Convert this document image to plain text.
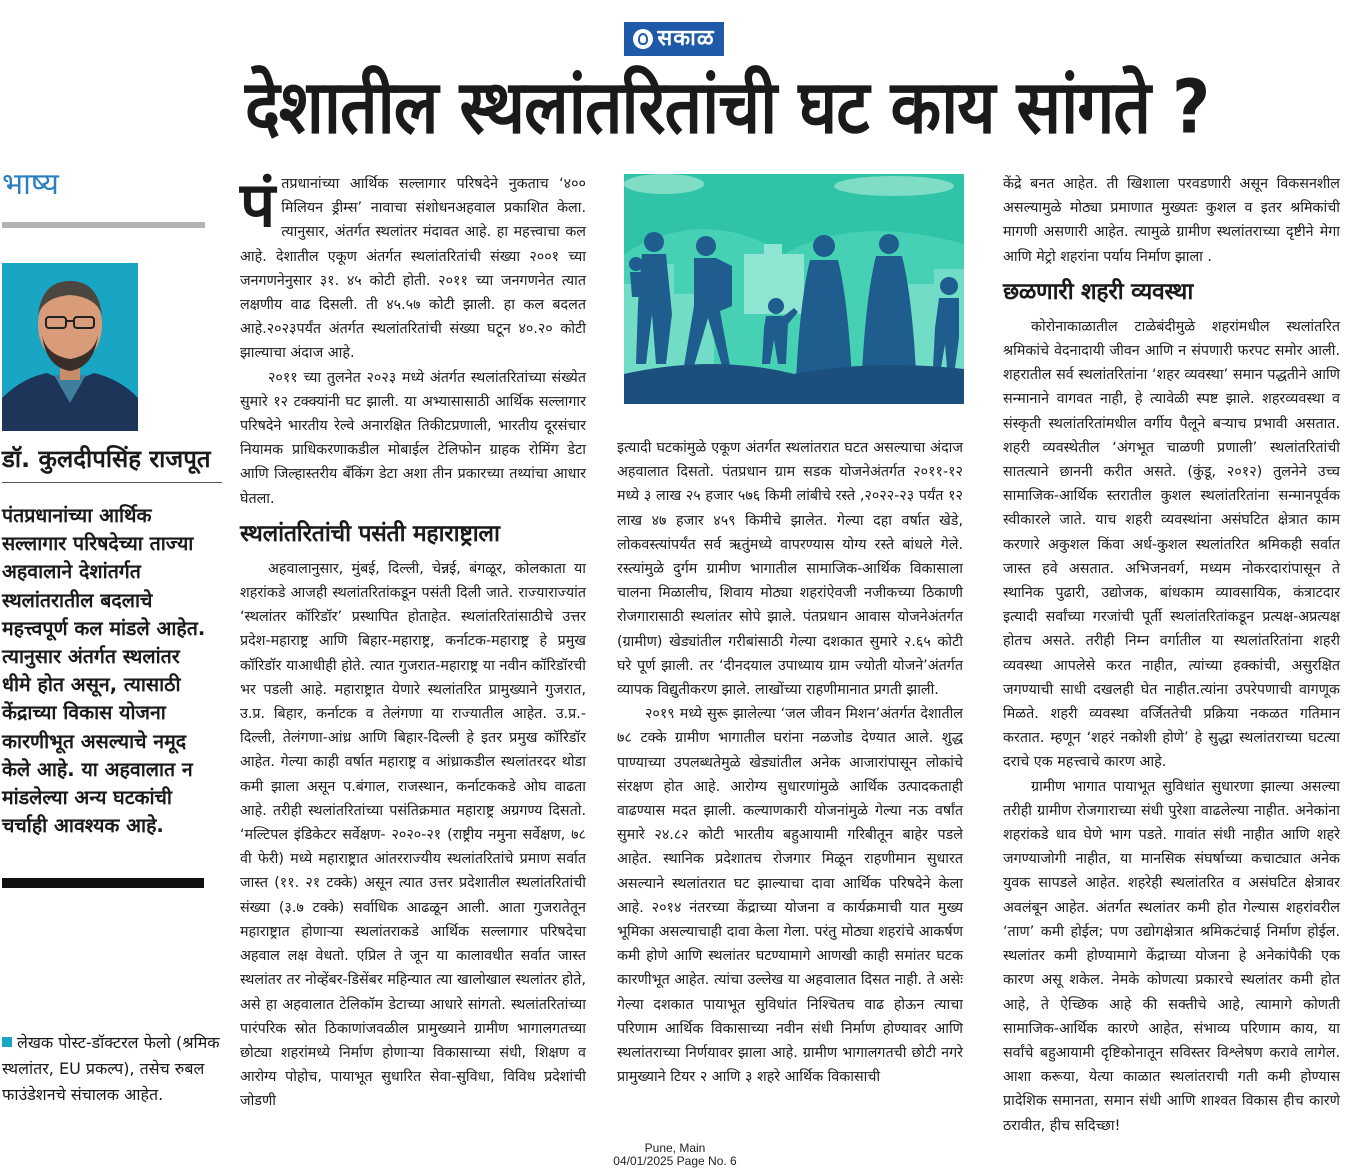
सकाळ
देशातील स्थलांतरितांची घट काय सांगते ?
भाष्य
डॉ. कुलदीपसिंह राजपूत
पंतप्रधानांच्या आर्थिक सल्लागार परिषदेच्या ताज्या अहवालाने देशांतर्गत स्थलांतरातील बदलाचे महत्त्वपूर्ण कल मांडले आहेत. त्यानुसार अंतर्गत स्थलांतर धीमे होत असून, त्यासाठी केंद्राच्या विकास योजना कारणीभूत असल्याचे नमूद केले आहे. या अहवालात न मांडलेल्या अन्य घटकांची चर्चाही आवश्यक आहे.
लेखक पोस्ट-डॉक्टरल फेलो (श्रमिक स्थलांतर, EU प्रकल्प), तसेच रुबल फाउंडेशनचे संचालक आहेत.
पं तप्रधानांच्या आर्थिक सल्लागार परिषदेने नुकताच ‘४०० मिलियन ड्रीम्स’ नावाचा संशोधनअहवाल प्रकाशित केला. त्यानुसार, अंतर्गत स्थलांतर मंदावत आहे. हा महत्त्वाचा कल आहे. देशातील एकूण अंतर्गत स्थलांतरितांची संख्या २००१ च्या जनगणनेनुसार ३१. ४५ कोटी होती. २०११ च्या जनगणनेत त्यात लक्षणीय वाढ दिसली. ती ४५.५७ कोटी झाली. हा कल बदलत आहे.२०२३पर्यंत अंतर्गत स्थलांतरितांची संख्या घटून ४०.२० कोटी झाल्याचा अंदाज आहे.

२०११ च्या तुलनेत २०२३ मध्ये अंतर्गत स्थलांतरितांच्या संख्येत सुमारे १२ टक्क्यांनी घट झाली. या अभ्यासासाठी आर्थिक सल्लागार परिषदेने भारतीय रेल्वे अनारक्षित तिकीटप्रणाली, भारतीय दूरसंचार नियामक प्राधिकरणाकडील मोबाईल टेलिफोन ग्राहक रोमिंग डेटा आणि जिल्हास्तरीय बँकिंग डेटा अशा तीन प्रकारच्या तथ्यांचा आधार घेतला.

स्थलांतरितांची पसंती महाराष्ट्राला

अहवालानुसार, मुंबई, दिल्ली, चेन्नई, बंगळूर, कोलकाता या शहरांकडे आजही स्थलांतरितांकडून पसंती दिली जाते. राज्याराज्यांत ‘स्थलांतर कॉरिडॉर’ प्रस्थापित होताहेत. स्थलांतरितांसाठीचे उत्तर प्रदेश-महाराष्ट्र आणि बिहार-महाराष्ट्र, कर्नाटक-महाराष्ट्र हे प्रमुख कॉरिडॉर याआधीही होते. त्यात गुजरात-महाराष्ट्र या नवीन कॉरिडॉरची भर पडली आहे. महाराष्ट्रात येणारे स्थलांतरित प्रामुख्याने गुजरात, उ.प्र. बिहार, कर्नाटक व तेलंगणा या राज्यातील आहेत. उ.प्र.-दिल्ली, तेलंगणा-आंध्र आणि बिहार-दिल्ली हे इतर प्रमुख कॉरिडॉर आहेत. गेल्या काही वर्षात महाराष्ट्र व आंध्राकडील स्थलांतरदर थोडा कमी झाला असून प.बंगाल, राजस्थान, कर्नाटककडे ओघ वाढता आहे. तरीही स्थलांतरितांच्या पसंतिक्रमात महाराष्ट्र अग्रगण्य दिसतो. ‘मल्टिपल इंडिकेटर सर्वेक्षण- २०२०-२१ (राष्ट्रीय नमुना सर्वेक्षण, ७८ वी फेरी) मध्ये महाराष्ट्रात आंतरराज्यीय स्थलांतरितांचे प्रमाण सर्वात जास्त (११. २१ टक्के) असून त्यात उत्तर प्रदेशातील स्थलांतरितांची संख्या (३.७ टक्के) सर्वाधिक आढळून आली. आता गुजरातेतून महाराष्ट्रात होणाऱ्या स्थलांतराकडे आर्थिक सल्लागार परिषदेचा अहवाल लक्ष वेधतो. एप्रिल ते जून या कालावधीत सर्वात जास्त स्थलांतर तर नोव्हेंबर-डिसेंबर महिन्यात त्या खालोखाल स्थलांतर होते, असे हा अहवालात टेलिकॉम डेटाच्या आधारे सांगतो. स्थलांतरितांच्या पारंपरिक स्रोत ठिकाणांजवळील प्रामुख्याने ग्रामीण भागालगतच्या छोट्या शहरांमध्ये निर्माण होणाऱ्या विकासाच्या संधी, शिक्षण व आरोग्य पोहोच, पायाभूत सुधारित सेवा-सुविधा, विविध प्रदेशांची जोडणी

इत्यादी घटकांमुळे एकूण अंतर्गत स्थलांतरात घटत असल्याचा अंदाज अहवालात दिसतो. पंतप्रधान ग्राम सडक योजनेअंतर्गत २०११-१२ मध्ये ३ लाख २५ हजार ५७६ किमी लांबीचे रस्ते ,२०२२-२३ पर्यंत १२ लाख ४७ हजार ४५९ किमीचे झालेत. गेल्या दहा वर्षात खेडे, लोकवस्त्यांपर्यंत सर्व ऋतुंमध्ये वापरण्यास योग्य रस्ते बांधले गेले. रस्त्यांमुळे दुर्गम ग्रामीण भागातील सामाजिक-आर्थिक विकासाला चालना मिळालीच, शिवाय मोठ्या शहरांऐवजी नजीकच्या ठिकाणी रोजगारासाठी स्थलांतर सोपे झाले. पंतप्रधान आवास योजनेअंतर्गत (ग्रामीण) खेड्यांतील गरीबांसाठी गेल्या दशकात सुमारे २.६५ कोटी घरे पूर्ण झाली. तर ‘दीनदयाल उपाध्याय ग्राम ज्योती योजने’अंतर्गत व्यापक विद्युतीकरण झाले. लाखोंच्या राहणीमानात प्रगती झाली.

२०१९ मध्ये सुरू झालेल्या ‘जल जीवन मिशन’अंतर्गत देशातील ७८ टक्के ग्रामीण भागातील घरांना नळजोड देण्यात आले. शुद्ध पाण्याच्या उपलब्धतेमुळे खेड्यांतील अनेक आजारांपासून लोकांचे संरक्षण होत आहे. आरोग्य सुधारणांमुळे आर्थिक उत्पादकताही वाढण्यास मदत झाली. कल्याणकारी योजनांमुळे गेल्या नऊ वर्षांत सुमारे २४.८२ कोटी भारतीय बहुआयामी गरिबीतून बाहेर पडले आहेत. स्थानिक प्रदेशातच रोजगार मिळून राहणीमान सुधारत असल्याने स्थलांतरात घट झाल्याचा दावा आर्थिक परिषदेने केला आहे. २०१४ नंतरच्या केंद्राच्या योजना व कार्यक्रमाची यात मुख्य भूमिका असल्याचाही दावा केला गेला. परंतु मोठ्या शहरांचे आकर्षण कमी होणे आणि स्थलांतर घटण्यामागे आणखी काही समांतर घटक कारणीभूत आहेत. त्यांचा उल्लेख या अहवालात दिसत नाही. ते असेः गेल्या दशकात पायाभूत सुविधांत निश्चितच वाढ होऊन त्याचा परिणाम आर्थिक विकासाच्या नवीन संधी निर्माण होण्यावर आणि स्थलांतराच्या निर्णयावर झाला आहे. ग्रामीण भागालगतची छोटी नगरे प्रामुख्याने टियर २ आणि ३ शहरे आर्थिक विकासाची

केंद्रे बनत आहेत. ती खिशाला परवडणारी असून विकसनशील असल्यामुळे मोठ्या प्रमाणात मुख्यतः कुशल व इतर श्रमिकांची मागणी असणारी आहेत. त्यामुळे ग्रामीण स्थलांतराच्या दृष्टीने मेगा आणि मेट्रो शहरांना पर्याय निर्माण झाला .

छळणारी शहरी व्यवस्था

कोरोनाकाळातील टाळेबंदीमुळे शहरांमधील स्थलांतरित श्रमिकांचे वेदनादायी जीवन आणि न संपणारी फरपट समोर आली. शहरातील सर्व स्थलांतरितांना ‘शहर व्यवस्था’ समान पद्धतीने आणि सन्मानाने वागवत नाही, हे त्यावेळी स्पष्ट झाले. शहरव्यवस्था व संस्कृती स्थलांतरितांमधील वर्गीय पैलूने बऱ्याच प्रभावी असतात. शहरी व्यवस्थेतील ‘अंगभूत चाळणी प्रणाली’ स्थलांतरितांची सातत्याने छाननी करीत असते. (कुंडू, २०१२) तुलनेने उच्च सामाजिक-आर्थिक स्तरातील कुशल स्थलांतरितांना सन्मानपूर्वक स्वीकारले जाते. याच शहरी व्यवस्थांना असंघटित क्षेत्रात काम करणारे अकुशल किंवा अर्ध-कुशल स्थलांतरित श्रमिकही सर्वात जास्त हवे असतात. अभिजनवर्ग, मध्यम नोकरदारांपासून ते स्थानिक पुढारी, उद्योजक, बांधकाम व्यावसायिक, कंत्राटदार इत्यादी सर्वांच्या गरजांची पूर्ती स्थलांतरितांकडून प्रत्यक्ष-अप्रत्यक्ष होतच असते. तरीही निम्न वर्गातील या स्थलांतरितांना शहरी व्यवस्था आपलेसे करत नाहीत, त्यांच्या हक्कांची, असुरक्षित जगण्याची साधी दखलही घेत नाहीत.त्यांना उपरेपणाची वागणूक मिळते. शहरी व्यवस्था वर्जिततेची प्रक्रिया नकळत गतिमान करतात. म्हणून ‘शहरं नकोशी होणे’ हे सुद्धा स्थलांतराच्या घटत्या दराचे एक महत्त्वाचे कारण आहे.

ग्रामीण भागात पायाभूत सुविधांत सुधारणा झाल्या असल्या तरीही ग्रामीण रोजगाराच्या संधी पुरेशा वाढलेल्या नाहीत. अनेकांना शहरांकडे धाव घेणे भाग पडते. गावांत संधी नाहीत आणि शहरे जगण्याजोगी नाहीत, या मानसिक संघर्षाच्या कचाट्यात अनेक युवक सापडले आहेत. शहरेही स्थलांतरित व असंघटित क्षेत्रावर अवलंबून आहेत. अंतर्गत स्थलांतर कमी होत गेल्यास शहरांवरील ‘ताण’ कमी होईल; पण उद्योगक्षेत्रात श्रमिकटंचाई निर्माण होईल. स्थलांतर कमी होण्यामागे केंद्राच्या योजना हे अनेकांपैकी एक कारण असू शकेल. नेमके कोणत्या प्रकारचे स्थलांतर कमी होत आहे, ते ऐच्छिक आहे की सक्तीचे आहे, त्यामागे कोणती सामाजिक-आर्थिक कारणे आहेत, संभाव्य परिणाम काय, या सर्वांचे बहुआयामी दृष्टिकोनातून सविस्तर विश्लेषण करावे लागेल. आशा करूया, येत्या काळात स्थलांतराची गती कमी होण्यास प्रादेशिक समानता, समान संधी आणि शाश्वत विकास हीच कारणे ठरावीत, हीच सदिच्छा!

Pune, Main
04/01/2025 Page No. 6
